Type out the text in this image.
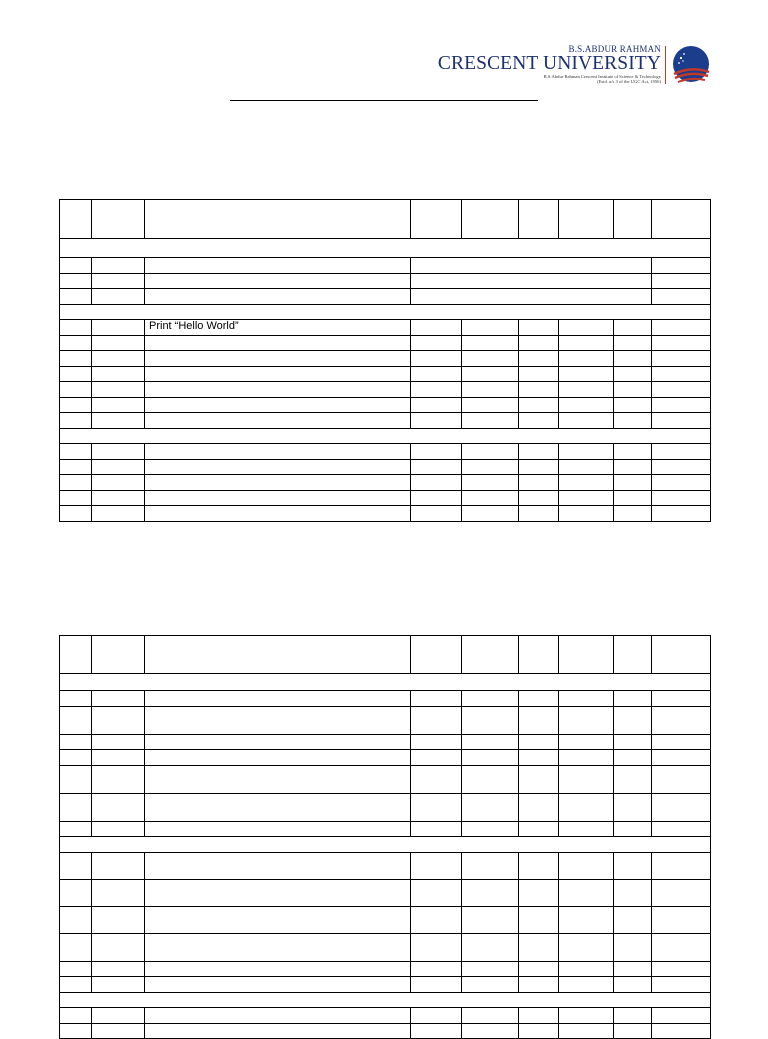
B.S.ABDUR RAHMAN
CRESCENT UNIVERSITY
B.S.Abdur Rahman Crescent Institute of Science & Technology
(Estd. u/s 3 of the UGC Act, 1956)

		Print “Hello World”						
